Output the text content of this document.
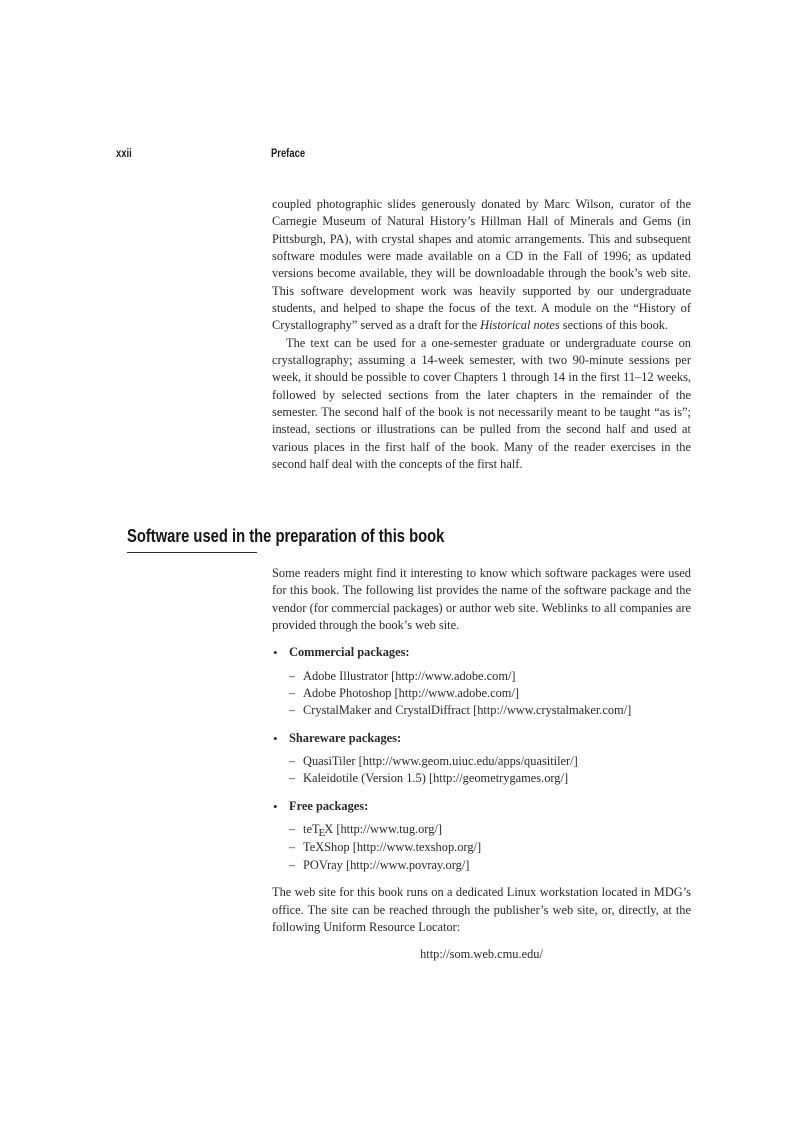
xxii	Preface

coupled photographic slides generously donated by Marc Wilson, curator of the Carnegie Museum of Natural History’s Hillman Hall of Minerals and Gems (in Pittsburgh, PA), with crystal shapes and atomic arrangements. This and subsequent software modules were made available on a CD in the Fall of 1996; as updated versions become available, they will be downloadable through the book’s web site. This software development work was heavily supported by our undergraduate students, and helped to shape the focus of the text. A module on the “History of Crystallography” served as a draft for the Historical notes sections of this book.

The text can be used for a one-semester graduate or undergraduate course on crystallography; assuming a 14-week semester, with two 90-minute sessions per week, it should be possible to cover Chapters 1 through 14 in the first 11–12 weeks, followed by selected sections from the later chapters in the remainder of the semester. The second half of the book is not necessarily meant to be taught “as is”; instead, sections or illustrations can be pulled from the second half and used at various places in the first half of the book. Many of the reader exercises in the second half deal with the concepts of the first half.

Software used in the preparation of this book

Some readers might find it interesting to know which software packages were used for this book. The following list provides the name of the software package and the vendor (for commercial packages) or author web site. Weblinks to all companies are provided through the book’s web site.

• Commercial packages:
– Adobe Illustrator [http://www.adobe.com/]
– Adobe Photoshop [http://www.adobe.com/]
– CrystalMaker and CrystalDiffract [http://www.crystalmaker.com/]
• Shareware packages:
– QuasiTiler [http://www.geom.uiuc.edu/apps/quasitiler/]
– Kaleidotile (Version 1.5) [http://geometrygames.org/]
• Free packages:
– teTEX [http://www.tug.org/]
– TeXShop [http://www.texshop.org/]
– POVray [http://www.povray.org/]

The web site for this book runs on a dedicated Linux workstation located in MDG’s office. The site can be reached through the publisher’s web site, or, directly, at the following Uniform Resource Locator:

http://som.web.cmu.edu/
